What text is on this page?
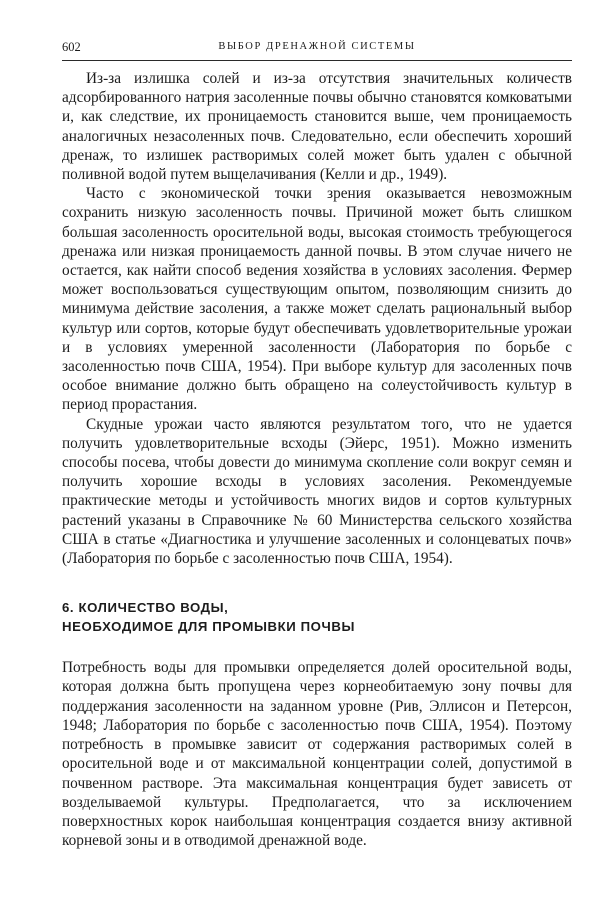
602	ВЫБОР ДРЕНАЖНОЙ СИСТЕМЫ

Из-за излишка солей и из-за отсутствия значительных количеств адсорбированного натрия засоленные почвы обычно становятся комковатыми и, как следствие, их проницаемость становится выше, чем проницаемость аналогичных незасоленных почв. Следовательно, если обеспечить хороший дренаж, то излишек растворимых солей может быть удален с обычной поливной водой путем выщелачивания (Келли и др., 1949).

Часто с экономической точки зрения оказывается невозможным сохранить низкую засоленность почвы. Причиной может быть слишком большая засоленность оросительной воды, высокая стоимость требующегося дренажа или низкая проницаемость данной почвы. В этом случае ничего не остается, как найти способ ведения хозяйства в условиях засоления. Фермер может воспользоваться существующим опытом, позволяющим снизить до минимума действие засоления, а также может сделать рациональный выбор культур или сортов, которые будут обеспечивать удовлетворительные урожаи и в условиях умеренной засоленности (Лаборатория по борьбе с засоленностью почв США, 1954). При выборе культур для засоленных почв особое внимание должно быть обращено на солеустойчивость культур в период прорастания.

Скудные урожаи часто являются результатом того, что не удается получить удовлетворительные всходы (Эйерс, 1951). Можно изменить способы посева, чтобы довести до минимума скопление соли вокруг семян и получить хорошие всходы в условиях засоления. Рекомендуемые практические методы и устойчивость многих видов и сортов культурных растений указаны в Справочнике № 60 Министерства сельского хозяйства США в статье «Диагностика и улучшение засоленных и солонцеватых почв» (Лаборатория по борьбе с засоленностью почв США, 1954).

6. КОЛИЧЕСТВО ВОДЫ,
НЕОБХОДИМОЕ ДЛЯ ПРОМЫВКИ ПОЧВЫ

Потребность воды для промывки определяется долей оросительной воды, которая должна быть пропущена через корнеобитаемую зону почвы для поддержания засоленности на заданном уровне (Рив, Эллисон и Петерсон, 1948; Лаборатория по борьбе с засоленностью почв США, 1954). Поэтому потребность в промывке зависит от содержания растворимых солей в оросительной воде и от максимальной концентрации солей, допустимой в почвенном растворе. Эта максимальная концентрация будет зависеть от возделываемой культуры. Предполагается, что за исключением поверхностных корок наибольшая концентрация создается внизу активной корневой зоны и в отводимой дренажной воде.
